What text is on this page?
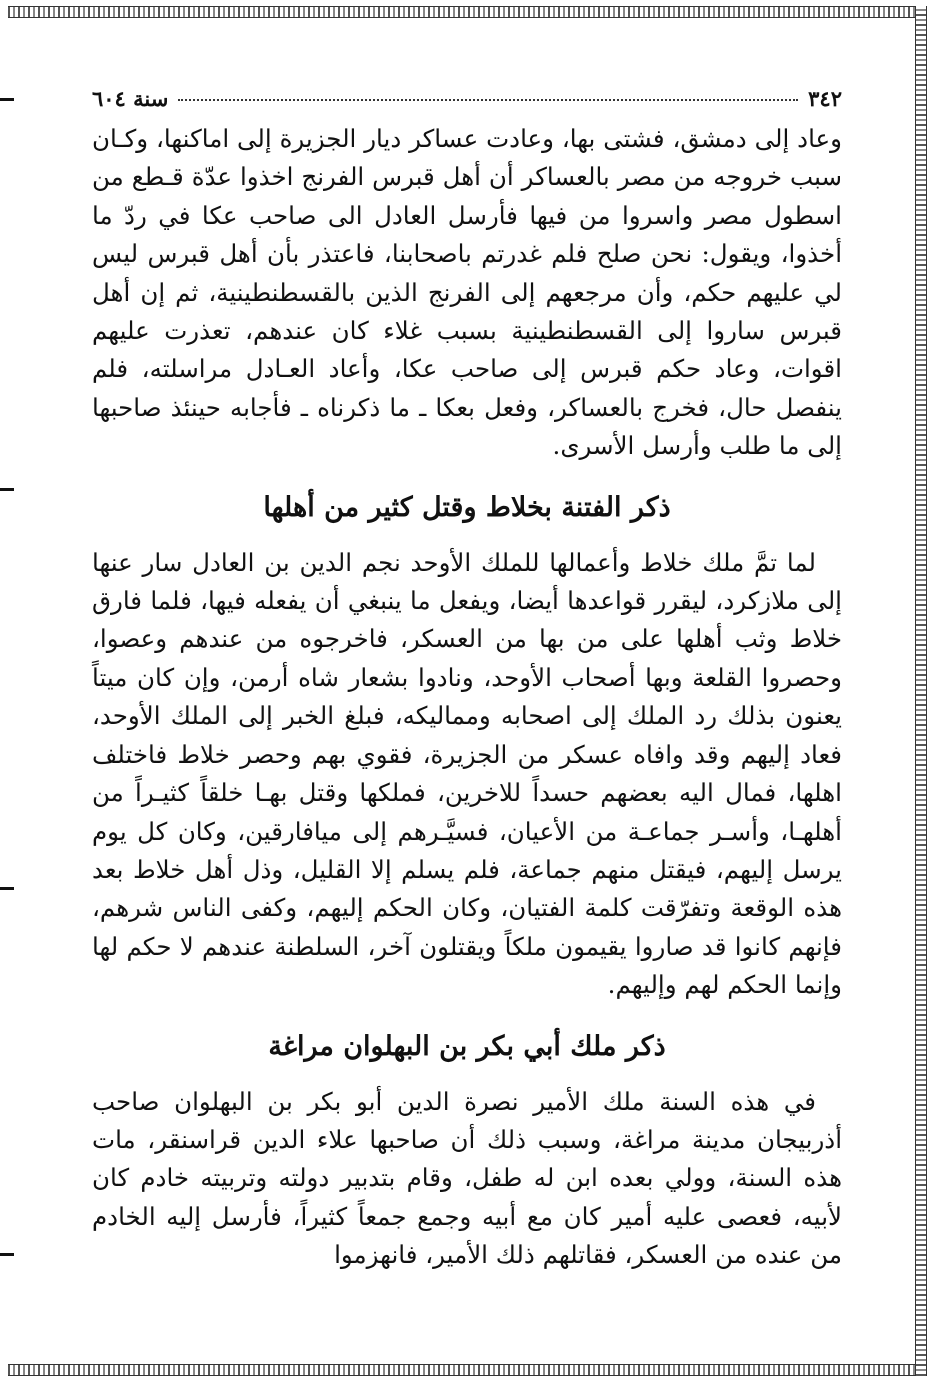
٣٤٢
سنة ٦٠٤

وعاد إلى دمشق، فشتى بها، وعادت عساكر ديار الجزيرة إلى اماكنها، وكـان سبب خروجه من مصر بالعساكر أن أهل قبرس الفرنج اخذوا عدّة قـطع من اسطول مصر واسروا من فيها فأرسل العادل الى صاحب عكا في ردّ ما أخذوا، ويقول: نحن صلح فلم غدرتم باصحابنا، فاعتذر بأن أهل قبرس ليس لي عليهم حكم، وأن مرجعهم إلى الفرنج الذين بالقسطنطينية، ثم إن أهل قبرس ساروا إلى القسطنطينية بسبب غلاء كان عندهم، تعذرت عليهم اقوات، وعاد حكم قبرس إلى صاحب عكا، وأعاد العـادل مراسلته، فلم ينفصل حال، فخرج بالعساكر، وفعل بعكا ـ ما ذكرناه ـ فأجابه حينئذ صاحبها إلى ما طلب وأرسل الأسرى.

ذكر الفتنة بخلاط وقتل كثير من أهلها

لما تمَّ ملك خلاط وأعمالها للملك الأوحد نجم الدين بن العادل سار عنها إلى ملازكرد، ليقرر قواعدها أيضا، ويفعل ما ينبغي أن يفعله فيها، فلما فارق خلاط وثب أهلها على من بها من العسكر، فاخرجوه من عندهم وعصوا، وحصروا القلعة وبها أصحاب الأوحد، ونادوا بشعار شاه أرمن، وإن كان ميتاً يعنون بذلك رد الملك إلى اصحابه ومماليكه، فبلغ الخبر إلى الملك الأوحد، فعاد إليهم وقد وافاه عسكر من الجزيرة، فقوي بهم وحصر خلاط فاختلف اهلها، فمال اليه بعضهم حسداً للاخرين، فملكها وقتل بهـا خلقاً كثيـراً من أهلهـا، وأسـر جماعـة من الأعيان، فسيَّـرهم إلى ميافارقين، وكان كل يوم يرسل إليهم، فيقتل منهم جماعة، فلم يسلم إلا القليل، وذل أهل خلاط بعد هذه الوقعة وتفرّقت كلمة الفتيان، وكان الحكم إليهم، وكفى الناس شرهم، فإنهم كانوا قد صاروا يقيمون ملكاً ويقتلون آخر، السلطنة عندهم لا حكم لها وإنما الحكم لهم وإليهم.

ذكر ملك أبي بكر بن البهلوان مراغة

في هذه السنة ملك الأمير نصرة الدين أبو بكر بن البهلوان صاحب أذربيجان مدينة مراغة، وسبب ذلك أن صاحبها علاء الدين قراسنقر، مات هذه السنة، وولي بعده ابن له طفل، وقام بتدبير دولته وتربيته خادم كان لأبيه، فعصى عليه أمير كان مع أبيه وجمع جمعاً كثيراً، فأرسل إليه الخادم من عنده من العسكر، فقاتلهم ذلك الأمير، فانهزموا
